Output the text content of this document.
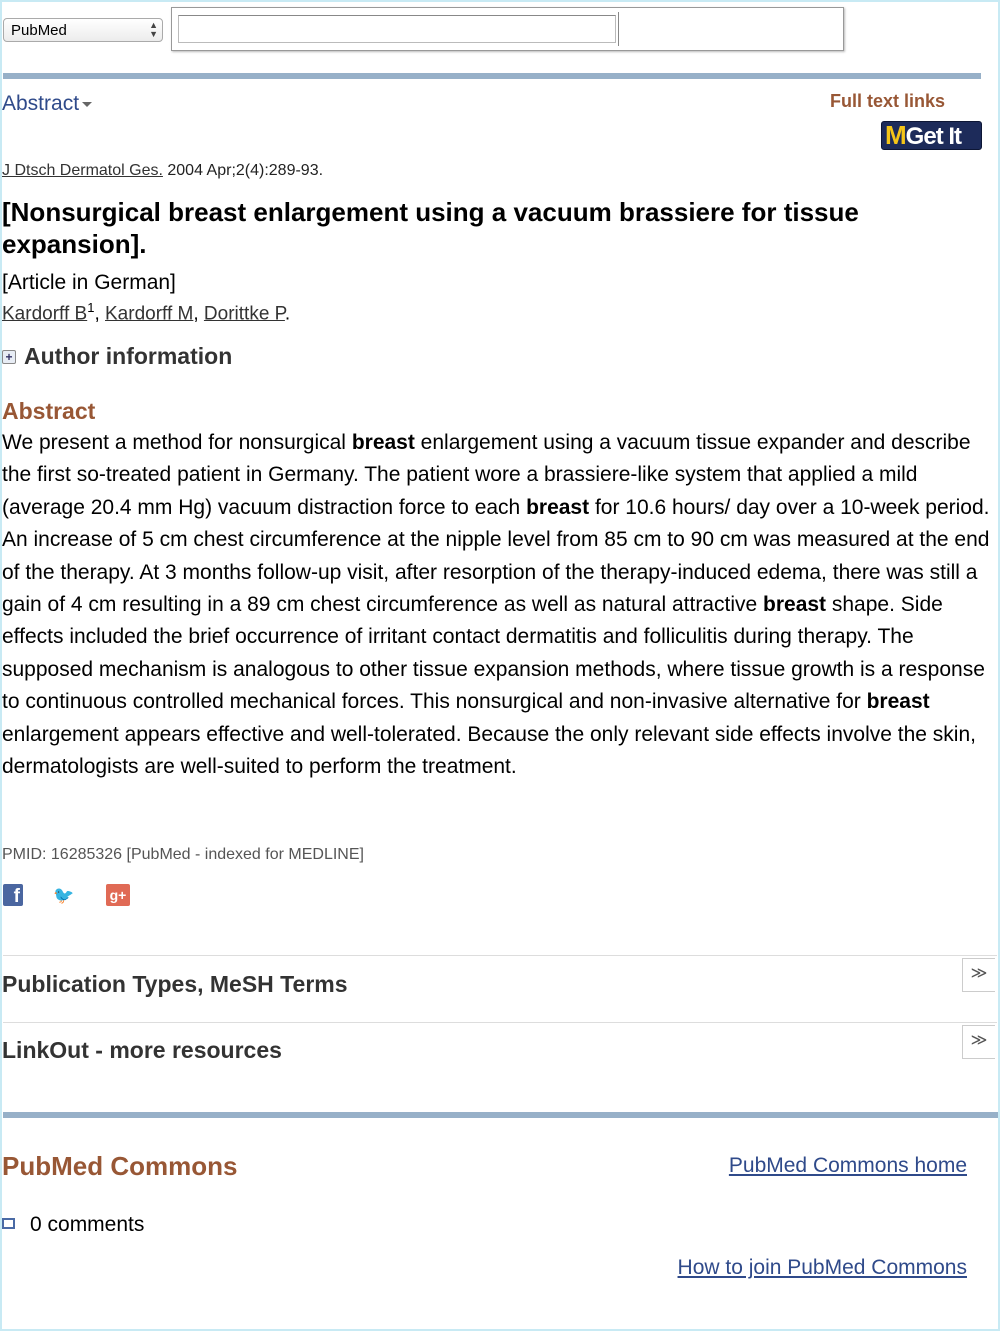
PubMed	▲
▼
Abstract	Full text links
MGet It
J Dtsch Dermatol Ges. 2004 Apr;2(4):289-93.
[Nonsurgical breast enlargement using a vacuum brassiere for tissue expansion].
[Article in German]
Kardorff $B^1$, Kardorff M, Dorittke P.
+ Author information
Abstract
We present a method for nonsurgical breast enlargement using a vacuum tissue expander and describe the first so-treated patient in Germany. The patient wore a brassiere-like system that applied a mild (average 20.4 mm Hg) vacuum distraction force to each breast for 10.6 hours/ day over a 10-week period. An increase of 5 cm chest circumference at the nipple level from 85 cm to 90 cm was measured at the end of the therapy. At 3 months follow-up visit, after resorption of the therapy-induced edema, there was still a gain of 4 cm resulting in a 89 cm chest circumference as well as natural attractive breast shape. Side effects included the brief occurrence of irritant contact dermatitis and folliculitis during therapy. The supposed mechanism is analogous to other tissue expansion methods, where tissue growth is a response to continuous controlled mechanical forces. This nonsurgical and non-invasive alternative for breast enlargement appears effective and well-tolerated. Because the only relevant side effects involve the skin, dermatologists are well-suited to perform the treatment.
PMID: 16285326 [PubMed - indexed for MEDLINE]
f 🐦	g+
Publication Types, MeSH Terms	≫
LinkOut - more resources	≫
PubMed Commons	PubMed Commons home
0 comments
How to join PubMed Commons
